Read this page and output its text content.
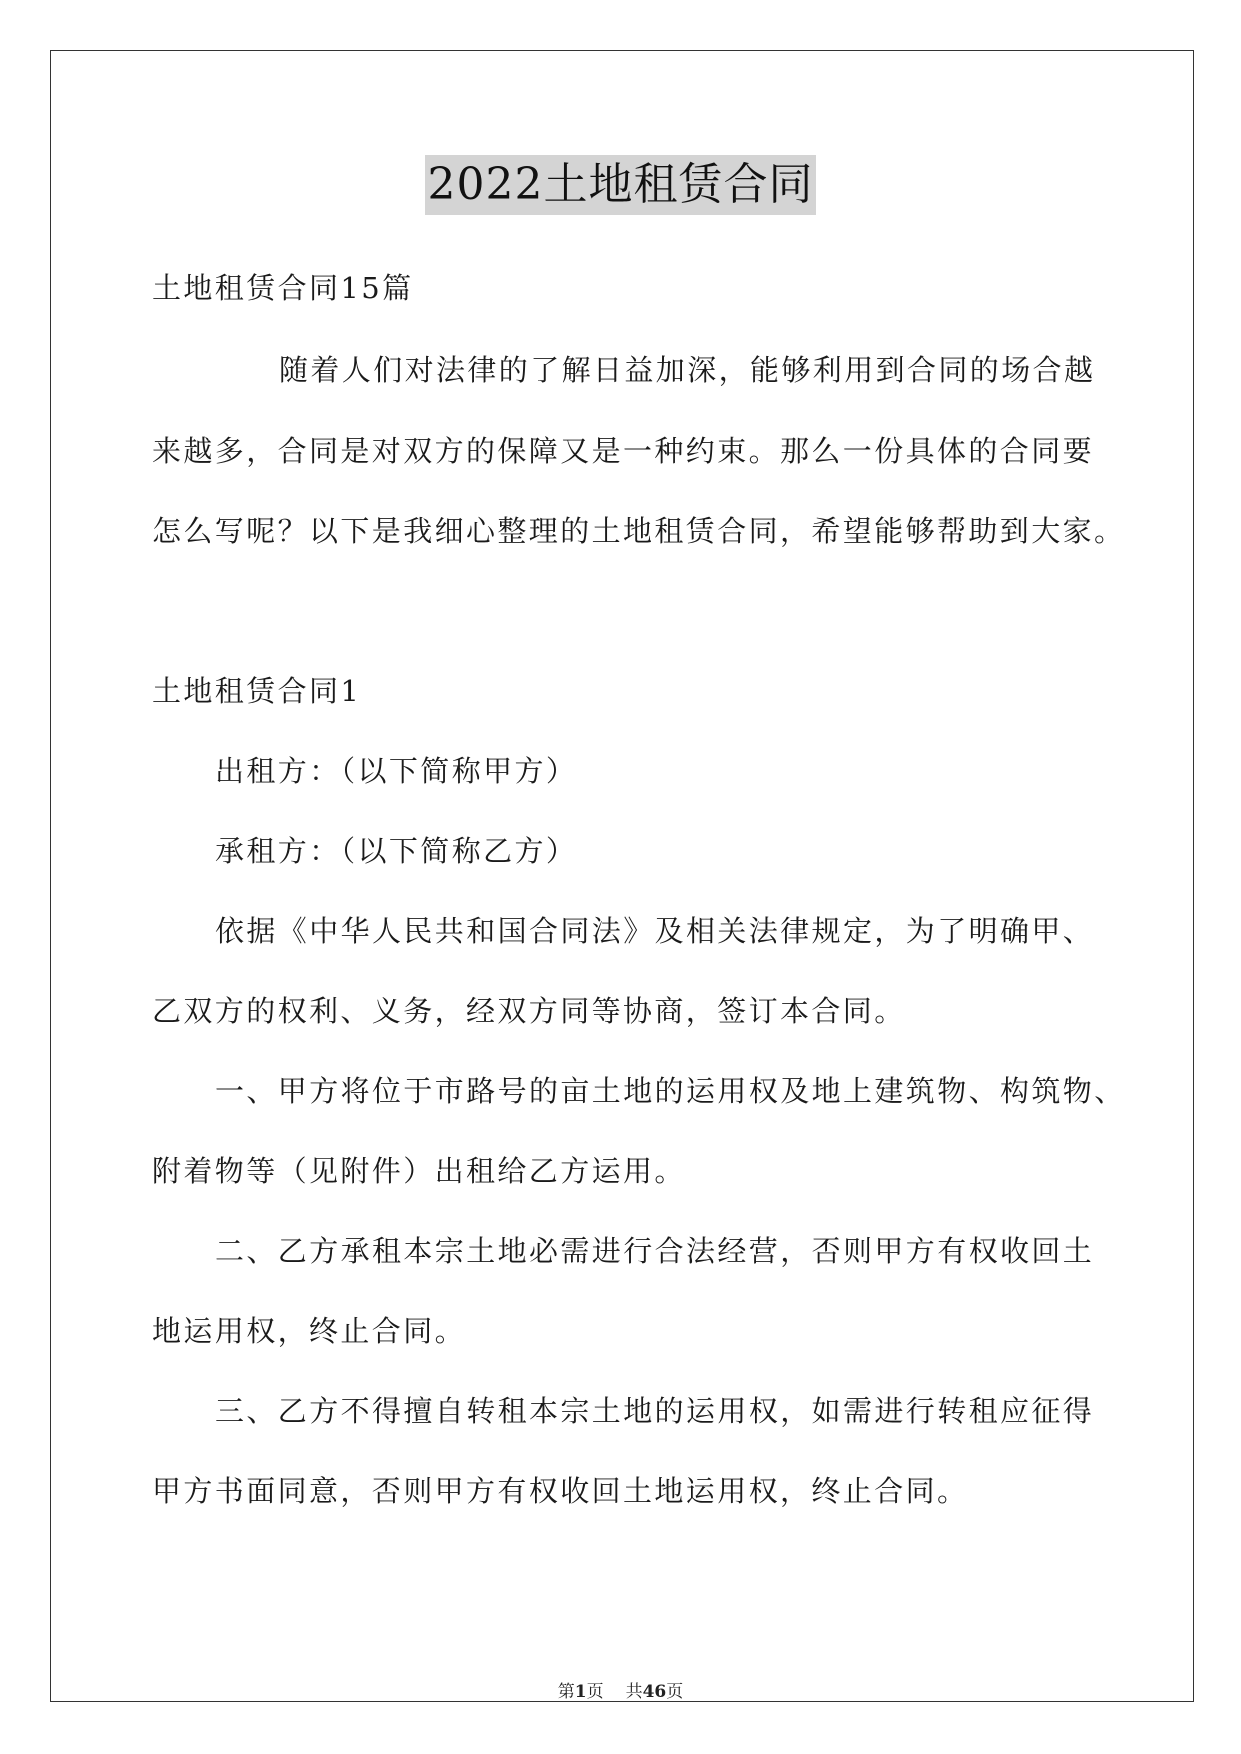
2022土地租赁合同
土地租赁合同15篇
随着人们对法律的了解日益加深，能够利用到合同的场合越
来越多，合同是对双方的保障又是一种约束。那么一份具体的合同要
怎么写呢？以下是我细心整理的土地租赁合同，希望能够帮助到大家。
土地租赁合同1
出租方：（以下简称甲方）
承租方：（以下简称乙方）
依据《中华人民共和国合同法》及相关法律规定，为了明确甲、
乙双方的权利、义务，经双方同等协商，签订本合同。
一、甲方将位于市路号的亩土地的运用权及地上建筑物、构筑物、
附着物等（见附件）出租给乙方运用。
二、乙方承租本宗土地必需进行合法经营，否则甲方有权收回土
地运用权，终止合同。
三、乙方不得擅自转租本宗土地的运用权，如需进行转租应征得
甲方书面同意，否则甲方有权收回土地运用权，终止合同。
第1页 共46页
